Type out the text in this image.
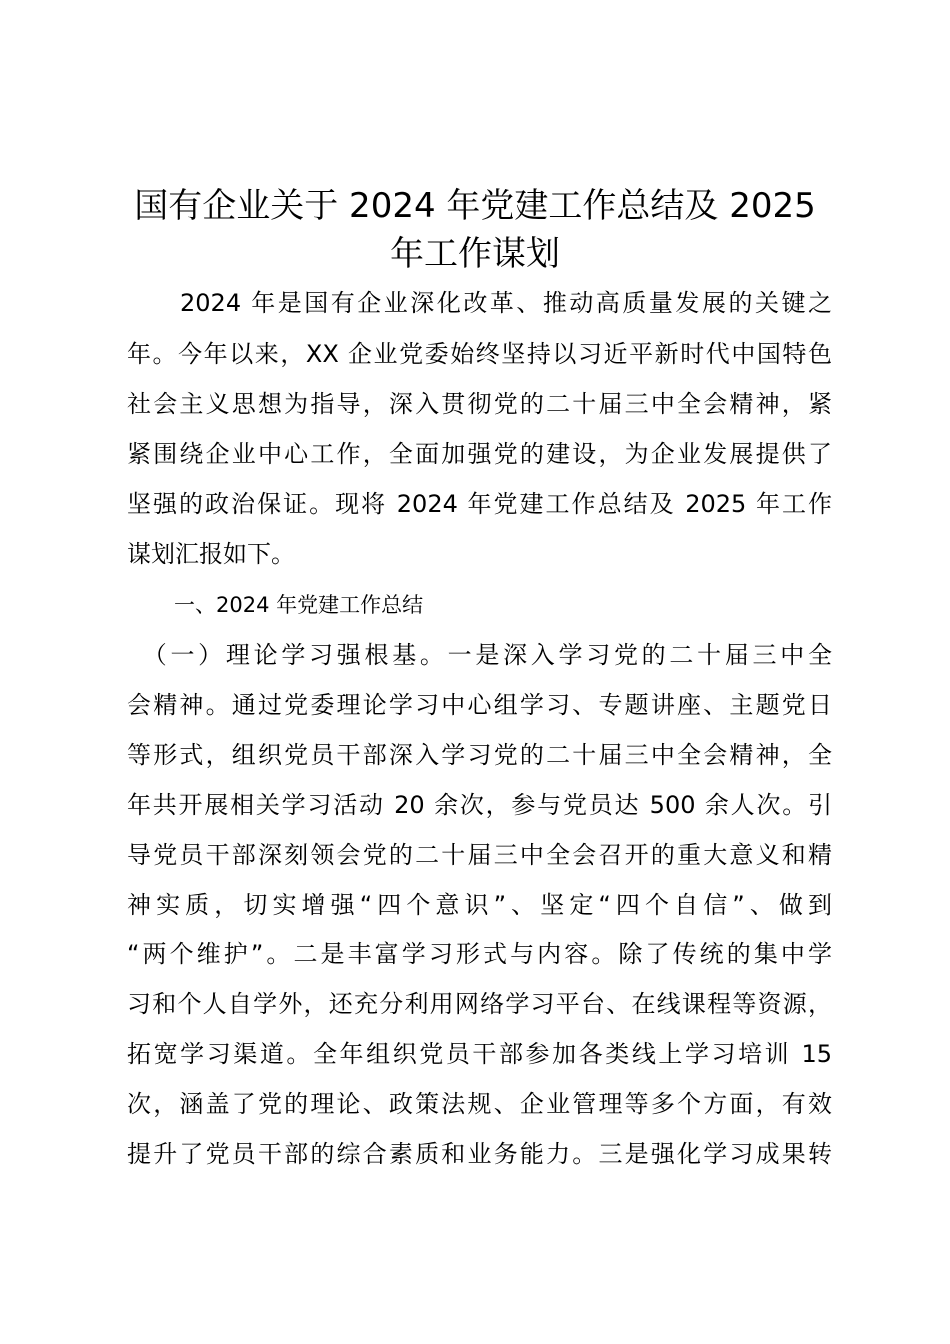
国有企业关于 2024 年党建工作总结及 2025
年工作谋划
　　2024 年是国有企业深化改革、推动高质量发展的关键之
年。今年以来，XX 企业党委始终坚持以习近平新时代中国特色
社会主义思想为指导，深入贯彻党的二十届三中全会精神，紧
紧围绕企业中心工作，全面加强党的建设，为企业发展提供了
坚强的政治保证。现将 2024 年党建工作总结及 2025 年工作
谋划汇报如下。
一、2024 年党建工作总结
　（一）理论学习强根基。一是深入学习党的二十届三中全
会精神。通过党委理论学习中心组学习、专题讲座、主题党日
等形式，组织党员干部深入学习党的二十届三中全会精神，全
年共开展相关学习活动 20 余次，参与党员达 500 余人次。引
导党员干部深刻领会党的二十届三中全会召开的重大意义和精
神实质，切实增强“四个意识”、坚定“四个自信”、做到
“两个维护”。二是丰富学习形式与内容。除了传统的集中学
习和个人自学外，还充分利用网络学习平台、在线课程等资源，
拓宽学习渠道。全年组织党员干部参加各类线上学习培训 15
次，涵盖了党的理论、政策法规、企业管理等多个方面，有效
提升了党员干部的综合素质和业务能力。三是强化学习成果转
